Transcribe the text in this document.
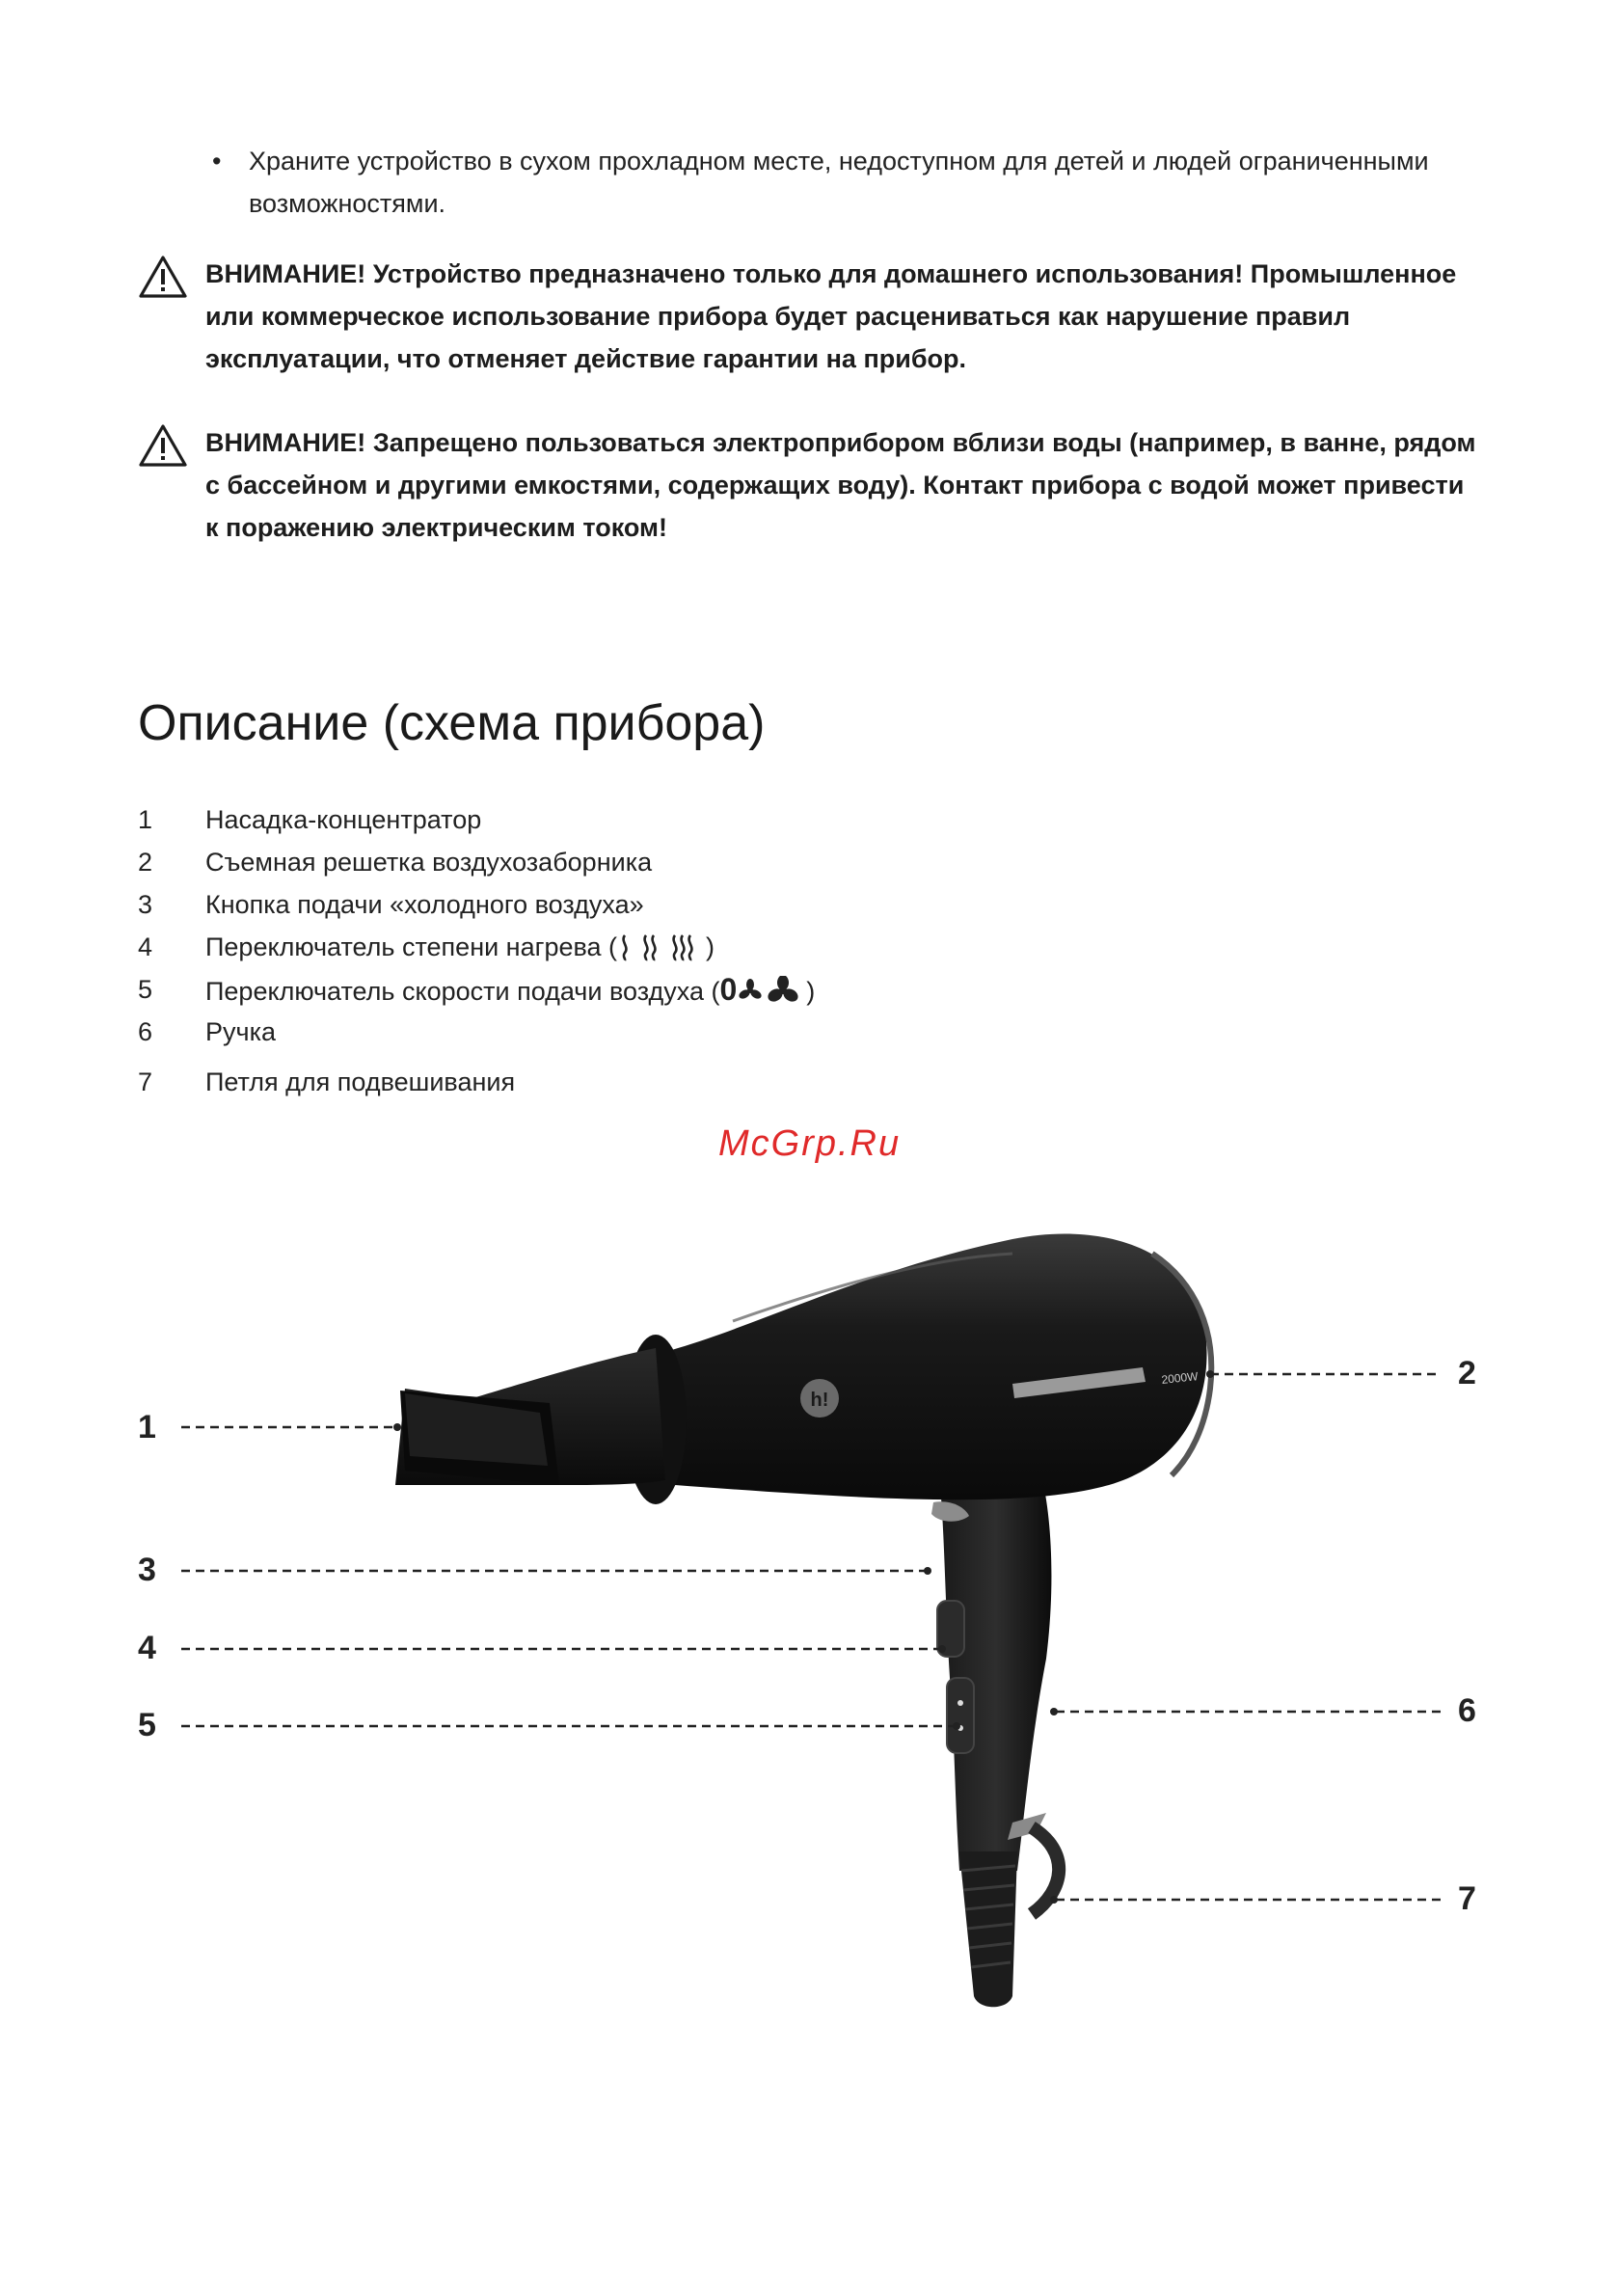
• Храните устройство в сухом прохладном месте, недоступном для детей и людей ограниченными возможностями.
ВНИМАНИЕ! Устройство предназначено только для домашнего использования! Промышленное или коммерческое использование прибора будет расцениваться как нарушение правил эксплуатации, что отменяет действие гарантии на прибор.
ВНИМАНИЕ! Запрещено пользоваться электроприбором вблизи воды (например, в ванне, рядом с бассейном и другими емкостями, содержащих воду). Контакт прибора с водой может привести к поражению электрическим током!
Описание (схема прибора)
1 Насадка-концентратор
2 Съемная решетка воздухозаборника
3 Кнопка подачи «холодного воздуха»
4 Переключатель степени нагрева (	)
5 Переключатель скорости подачи воздуха (0	)
6 Ручка
7 Петля для подвешивания
McGrp.Ru
2000W
h!
1
2
3
4
5	6
7
